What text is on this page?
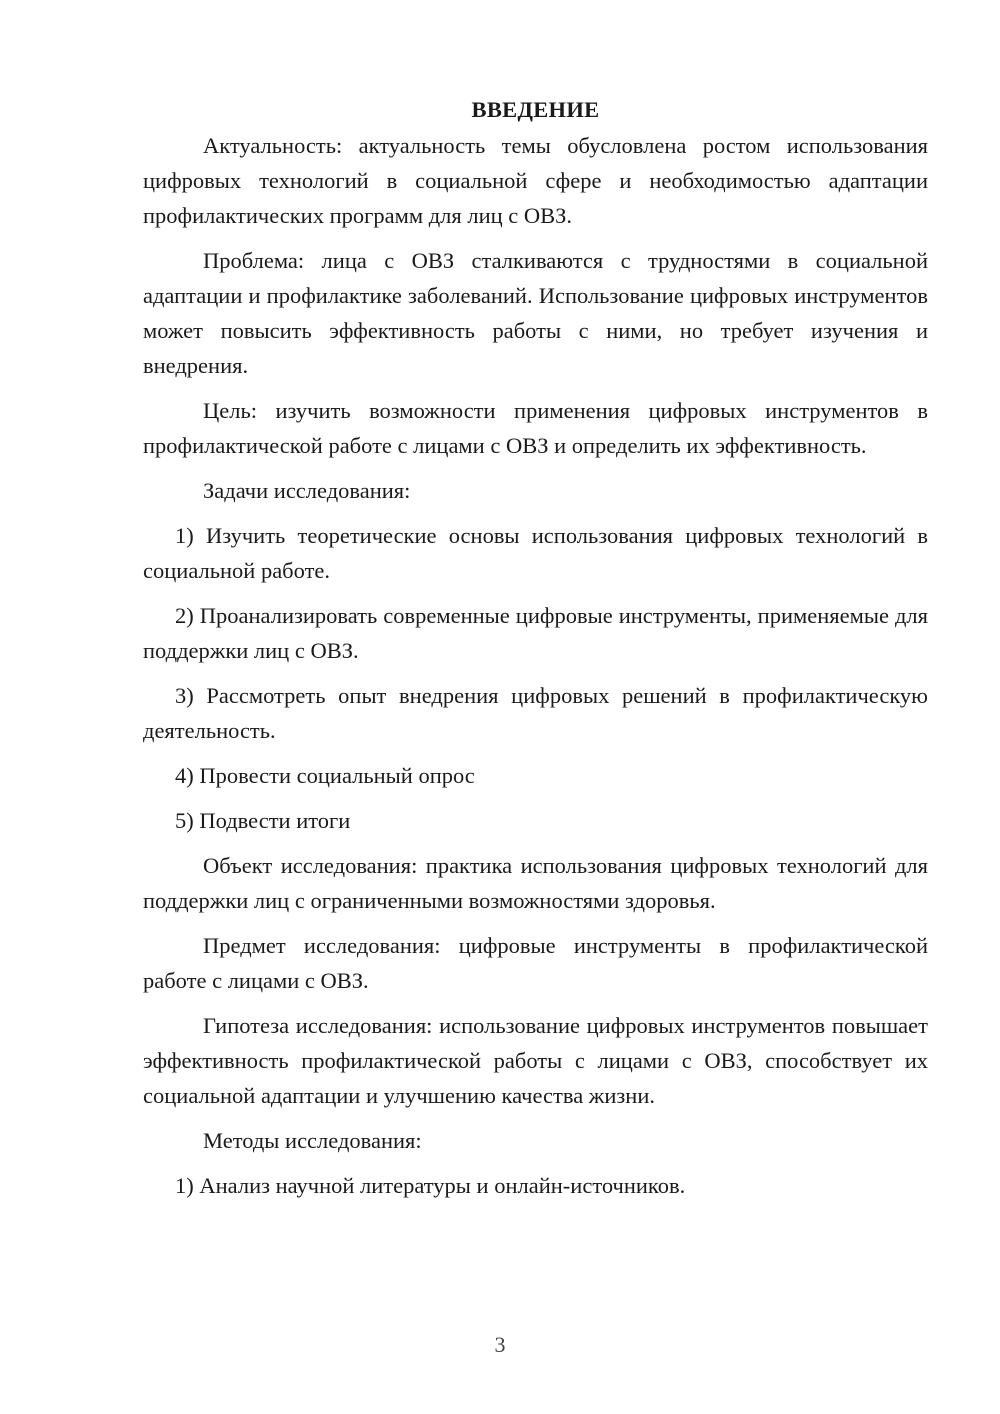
ВВЕДЕНИЕ

Актуальность: актуальность темы обусловлена ростом использования цифровых технологий в социальной сфере и необходимостью адаптации профилактических программ для лиц с ОВЗ.

Проблема: лица с ОВЗ сталкиваются с трудностями в социальной адаптации и профилактике заболеваний. Использование цифровых инструментов может повысить эффективность работы с ними, но требует изучения и внедрения.

Цель: изучить возможности применения цифровых инструментов в профилактической работе с лицами с ОВЗ и определить их эффективность.

Задачи исследования:

1) Изучить теоретические основы использования цифровых технологий в социальной работе.

2) Проанализировать современные цифровые инструменты, применяемые для поддержки лиц с ОВЗ.

3) Рассмотреть опыт внедрения цифровых решений в профилактическую деятельность.

4) Провести социальный опрос

5) Подвести итоги

Объект исследования: практика использования цифровых технологий для поддержки лиц с ограниченными возможностями здоровья.

Предмет исследования: цифровые инструменты в профилактической работе с лицами с ОВЗ.

Гипотеза исследования: использование цифровых инструментов повышает эффективность профилактической работы с лицами с ОВЗ, способствует их социальной адаптации и улучшению качества жизни.

Методы исследования:

1) Анализ научной литературы и онлайн-источников.

3
